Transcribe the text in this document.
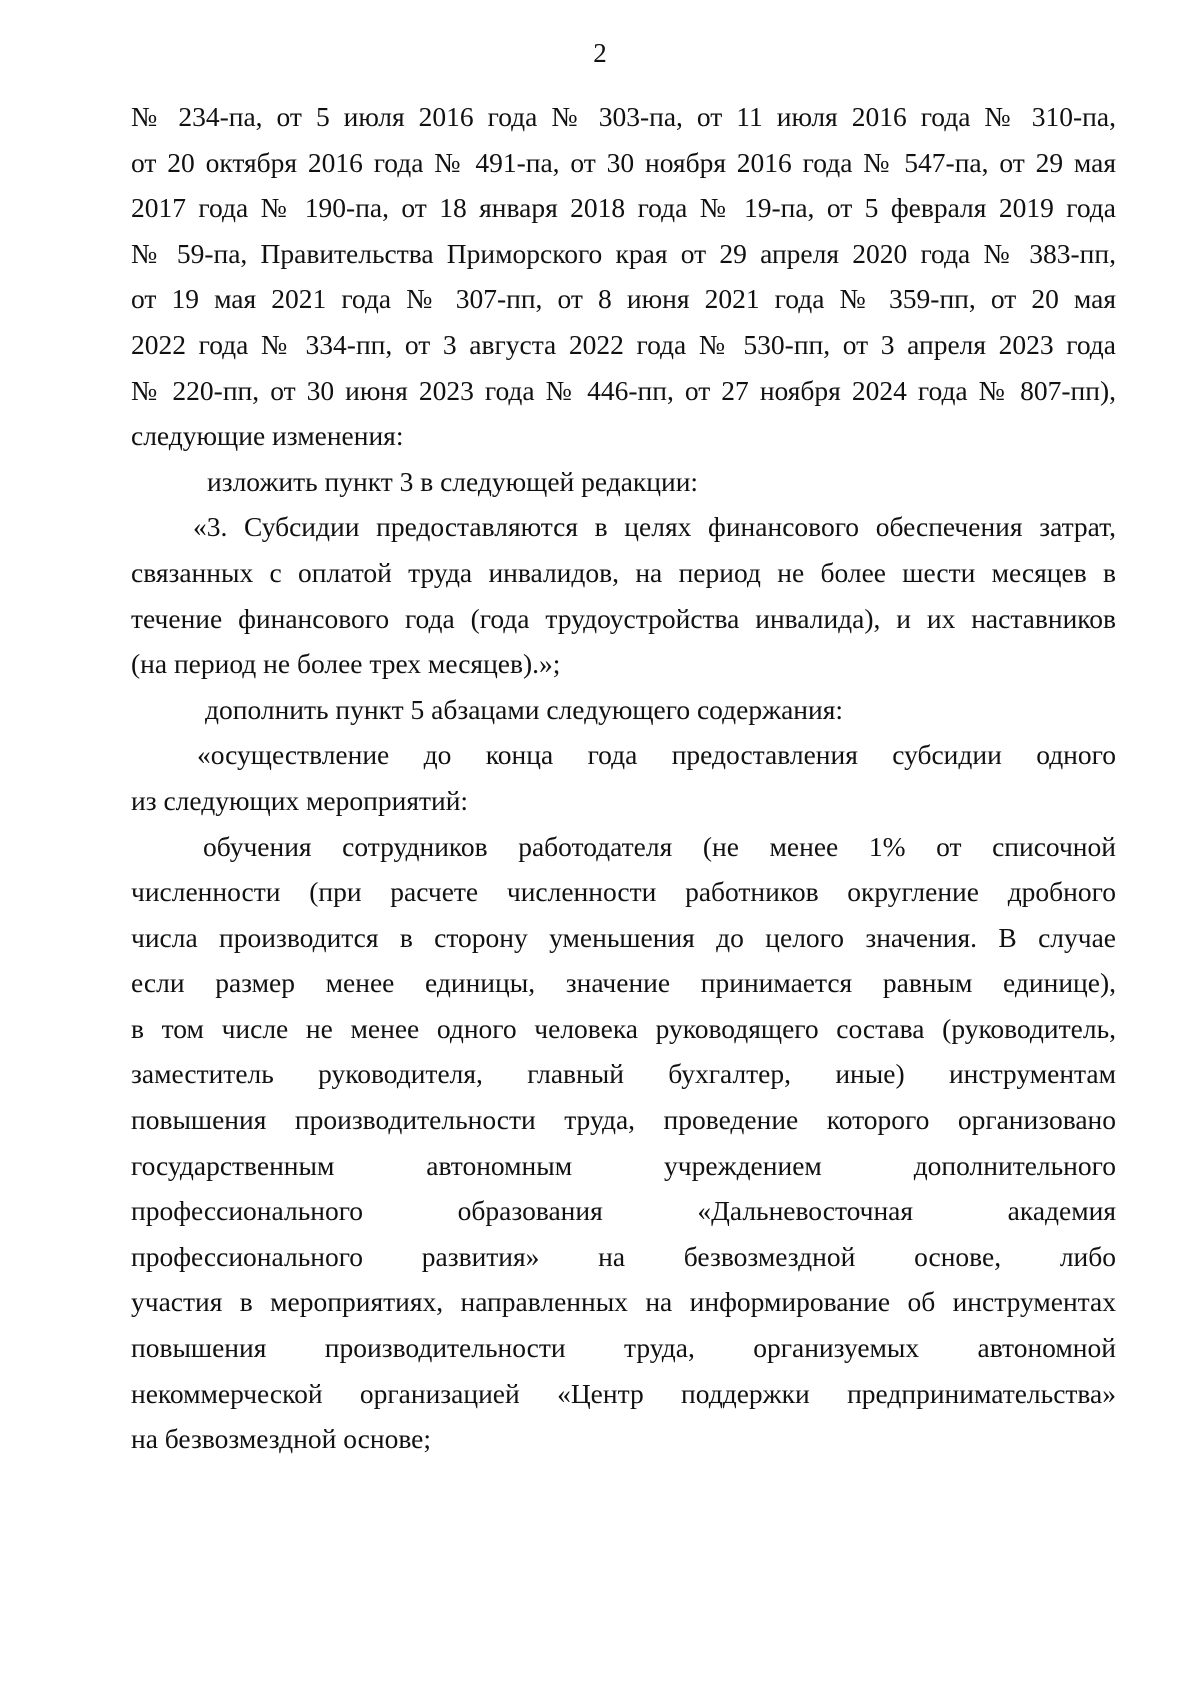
2
№ 234-па, от 5 июля 2016 года № 303-па, от 11 июля 2016 года № 310-па,
от 20 октября 2016 года № 491-па, от 30 ноября 2016 года № 547-па, от 29 мая
2017 года № 190-па, от 18 января 2018 года № 19-па, от 5 февраля 2019 года
№ 59-па, Правительства Приморского края от 29 апреля 2020 года № 383-пп,
от 19 мая 2021 года № 307-пп, от 8 июня 2021 года № 359-пп, от 20 мая
2022 года № 334-пп, от 3 августа 2022 года № 530-пп, от 3 апреля 2023 года
№ 220-пп, от 30 июня 2023 года № 446-пп, от 27 ноября 2024 года № 807-пп),
следующие изменения:
изложить пункт 3 в следующей редакции:
«3. Субсидии предоставляются в целях финансового обеспечения затрат,
связанных с оплатой труда инвалидов, на период не более шести месяцев в
течение финансового года (года трудоустройства инвалида), и их наставников
(на период не более трех месяцев).»;
дополнить пункт 5 абзацами следующего содержания:
«осуществление до конца года предоставления субсидии одного
из следующих мероприятий:
обучения сотрудников работодателя (не менее 1% от списочной
численности (при расчете численности работников округление дробного
числа производится в сторону уменьшения до целого значения. В случае
если размер менее единицы, значение принимается равным единице),
в том числе не менее одного человека руководящего состава (руководитель,
заместитель руководителя, главный бухгалтер, иные) инструментам
повышения производительности труда, проведение которого организовано
государственным автономным учреждением дополнительного
профессионального образования «Дальневосточная академия
профессионального развития» на безвозмездной основе, либо
участия в мероприятиях, направленных на информирование об инструментах
повышения производительности труда, организуемых автономной
некоммерческой организацией «Центр поддержки предпринимательства»
на безвозмездной основе;
